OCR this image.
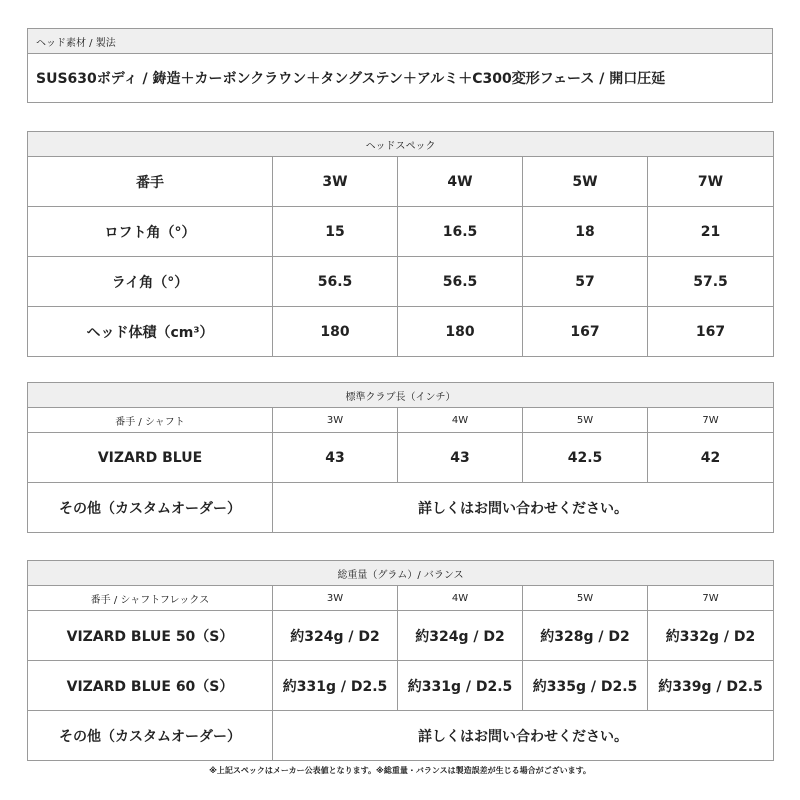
ヘッド素材 / 製法
SUS630ボディ / 鋳造＋カーボンクラウン＋タングステン＋アルミ＋C300変形フェース / 開口圧延
ヘッドスペック				
番手	3W	4W	5W	7W
ロフト角（°）	15	16.5	18	21
ライ角（°）	56.5	56.5	57	57.5
ヘッド体積（cm³）	180	180	167	167
標準クラブ長（インチ）				
番手 / シャフト	3W	4W	5W	7W
VIZARD BLUE	43	43	42.5	42
その他（カスタムオーダー）	詳しくはお問い合わせください。			
総重量（グラム）/ バランス				
番手 / シャフトフレックス	3W	4W	5W	7W
VIZARD BLUE 50（S）	約324g / D2	約324g / D2	約328g / D2	約332g / D2
VIZARD BLUE 60（S）	約331g / D2.5	約331g / D2.5	約335g / D2.5	約339g / D2.5
その他（カスタムオーダー）	詳しくはお問い合わせください。			
※上記スペックはメーカー公表値となります。※総重量・バランスは製造誤差が生じる場合がございます。
